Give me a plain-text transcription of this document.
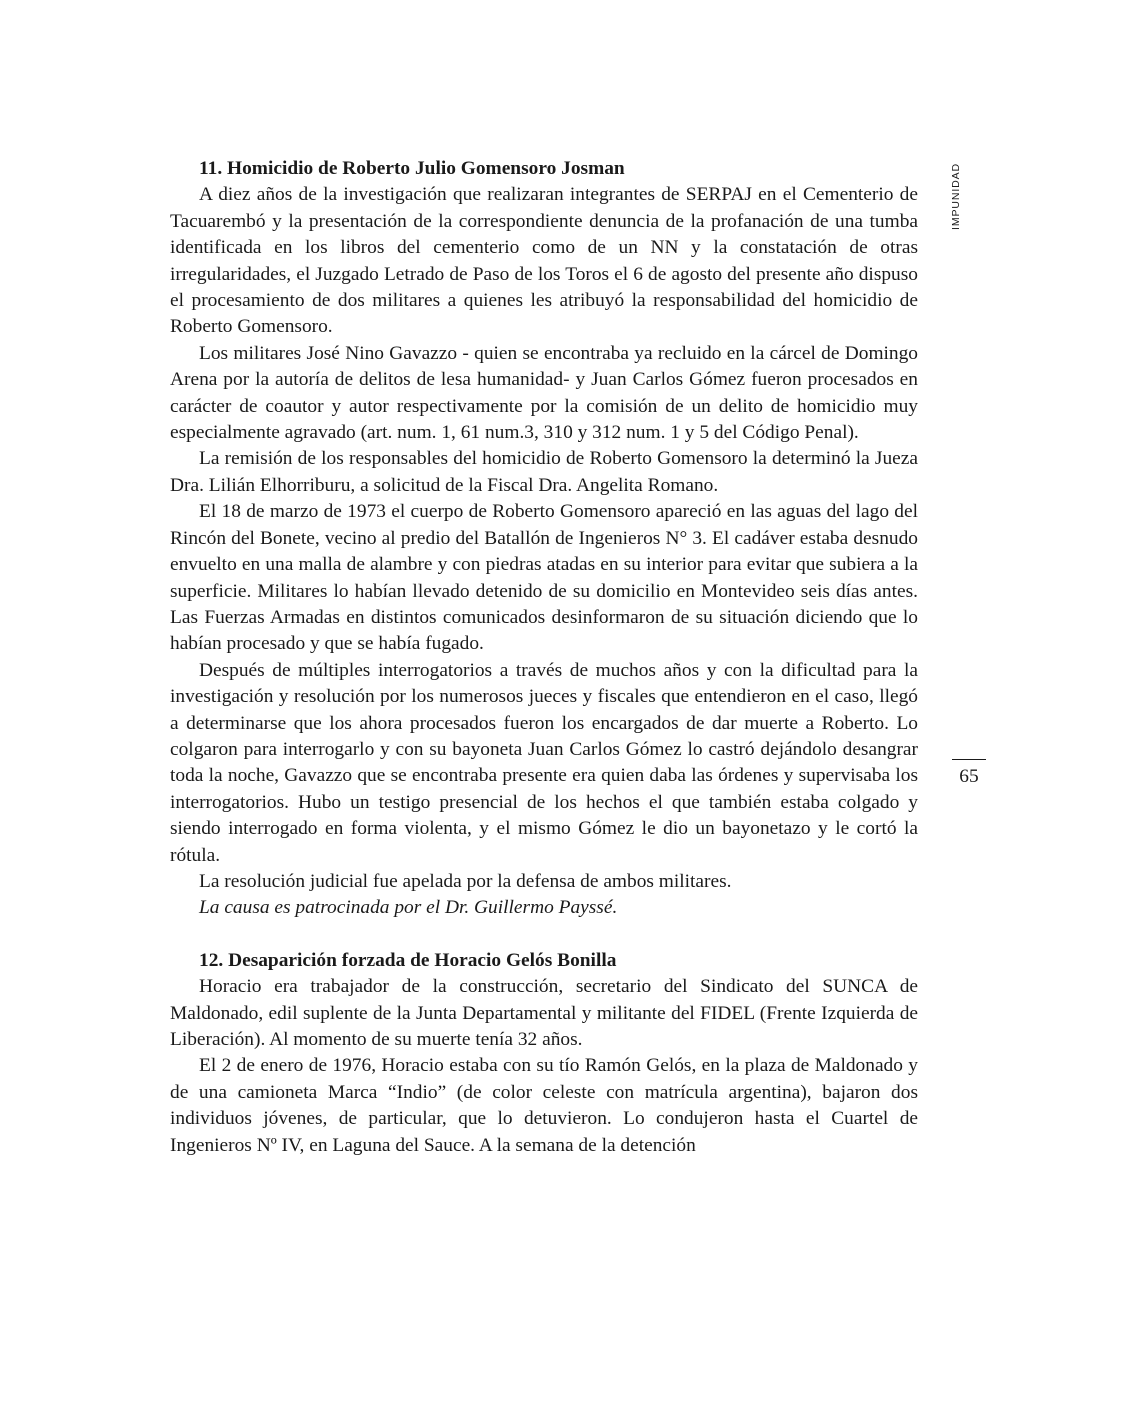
IMPUNIDAD
65
11. Homicidio de Roberto Julio Gomensoro Josman

A diez años de la investigación que realizaran integrantes de SERPAJ en el Cementerio de Tacuarembó y la presentación de la correspondiente denuncia de la profanación de una tumba identificada en los libros del cementerio como de un NN y la constatación de otras irregularidades, el Juzgado Letrado de Paso de los Toros el 6 de agosto del presente año dispuso el procesamiento de dos militares a quienes les atribuyó la responsabilidad del homicidio de Roberto Gomensoro.

Los militares José Nino Gavazzo - quien se encontraba ya recluido en la cárcel de Domingo Arena por la autoría de delitos de lesa humanidad- y Juan Carlos Gómez fueron procesados en carácter de coautor y autor respectivamente por la comisión de un delito de homicidio muy especialmente agravado (art. num. 1, 61 num.3, 310 y 312 num. 1 y 5 del Código Penal).

La remisión de los responsables del homicidio de Roberto Gomensoro la determinó la Jueza Dra. Lilián Elhorriburu, a solicitud de la Fiscal Dra. Angelita Romano.

El 18 de marzo de 1973 el cuerpo de Roberto Gomensoro apareció en las aguas del lago del Rincón del Bonete, vecino al predio del Batallón de Ingenieros N° 3. El cadáver estaba desnudo envuelto en una malla de alambre y con piedras atadas en su interior para evitar que subiera a la superficie. Militares lo habían llevado detenido de su domicilio en Montevideo seis días antes. Las Fuerzas Armadas en distintos comunicados desinformaron de su situación diciendo que lo habían procesado y que se había fugado.

Después de múltiples interrogatorios a través de muchos años y con la dificultad para la investigación y resolución por los numerosos jueces y fiscales que entendieron en el caso, llegó a determinarse que los ahora procesados fueron los encargados de dar muerte a Roberto. Lo colgaron para interrogarlo y con su bayoneta Juan Carlos Gómez lo castró dejándolo desangrar toda la noche, Gavazzo que se encontraba presente era quien daba las órdenes y supervisaba los interrogatorios. Hubo un testigo presencial de los hechos el que también estaba colgado y siendo interrogado en forma violenta, y el mismo Gómez le dio un bayonetazo y le cortó la rótula.

La resolución judicial fue apelada por la defensa de ambos militares.

La causa es patrocinada por el Dr. Guillermo Payssé.

12. Desaparición forzada de Horacio Gelós Bonilla

Horacio era trabajador de la construcción, secretario del Sindicato del SUNCA de Maldonado, edil suplente de la Junta Departamental y militante del FIDEL (Frente Izquierda de Liberación). Al momento de su muerte tenía 32 años.

El 2 de enero de 1976, Horacio estaba con su tío Ramón Gelós, en la plaza de Maldonado y de una camioneta Marca “Indio” (de color celeste con matrícula argentina), bajaron dos individuos jóvenes, de particular, que lo detuvieron. Lo condujeron hasta el Cuartel de Ingenieros Nº IV, en Laguna del Sauce. A la semana de la detención
